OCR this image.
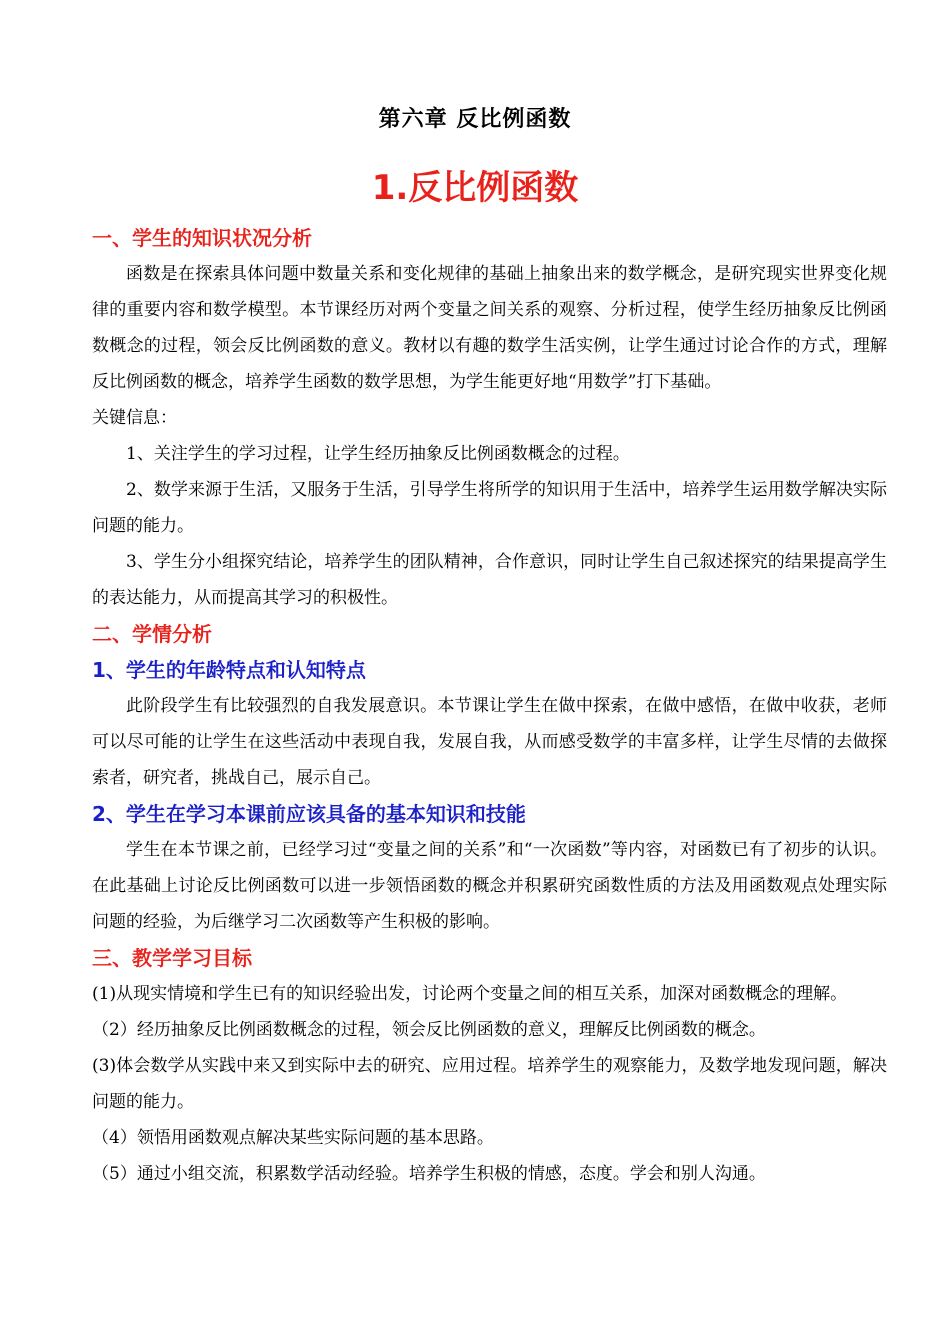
第六章 反比例函数
1.反比例函数
一、学生的知识状况分析

函数是在探索具体问题中数量关系和变化规律的基础上抽象出来的数学概念，是研究现实世界变化规律的重要内容和数学模型。本节课经历对两个变量之间关系的观察、分析过程，使学生经历抽象反比例函数概念的过程，领会反比例函数的意义。教材以有趣的数学生活实例，让学生通过讨论合作的方式，理解反比例函数的概念，培养学生函数的数学思想，为学生能更好地“用数学”打下基础。

关键信息：

1、关注学生的学习过程，让学生经历抽象反比例函数概念的过程。

2、数学来源于生活，又服务于生活，引导学生将所学的知识用于生活中，培养学生运用数学解决实际问题的能力。

3、学生分小组探究结论，培养学生的团队精神，合作意识，同时让学生自己叙述探究的结果提高学生的表达能力，从而提高其学习的积极性。

二、学情分析
1、学生的年龄特点和认知特点

此阶段学生有比较强烈的自我发展意识。本节课让学生在做中探索，在做中感悟，在做中收获，老师可以尽可能的让学生在这些活动中表现自我，发展自我，从而感受数学的丰富多样，让学生尽情的去做探索者，研究者，挑战自己，展示自己。

2、学生在学习本课前应该具备的基本知识和技能

学生在本节课之前，已经学习过“变量之间的关系”和“一次函数”等内容，对函数已有了初步的认识。在此基础上讨论反比例函数可以进一步领悟函数的概念并积累研究函数性质的方法及用函数观点处理实际问题的经验，为后继学习二次函数等产生积极的影响。

三、教学学习目标

(1)从现实情境和学生已有的知识经验出发，讨论两个变量之间的相互关系，加深对函数概念的理解。

（2）经历抽象反比例函数概念的过程，领会反比例函数的意义，理解反比例函数的概念。

(3)体会数学从实践中来又到实际中去的研究、应用过程。培养学生的观察能力，及数学地发现问题，解决问题的能力。

（4）领悟用函数观点解决某些实际问题的基本思路。

（5）通过小组交流，积累数学活动经验。培养学生积极的情感，态度。学会和别人沟通。
